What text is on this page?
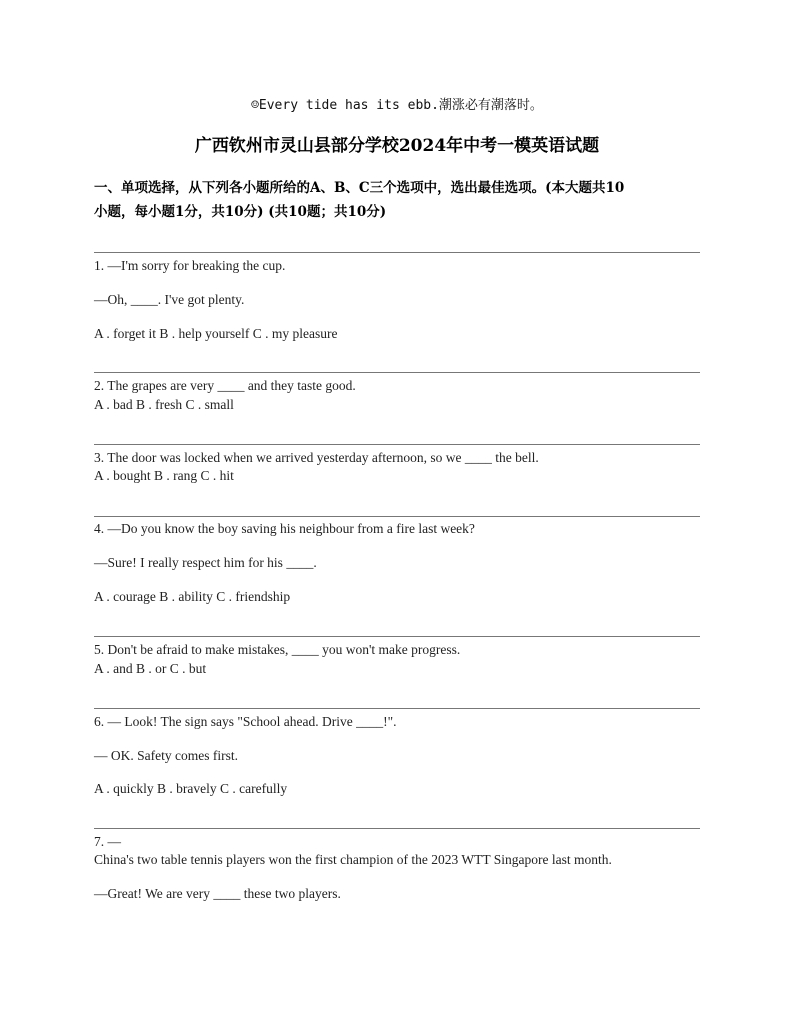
☺Every tide has its ebb.潮涨必有潮落时。
广西钦州市灵山县部分学校2024年中考一模英语试题
一、单项选择，从下列各小题所给的A、B、C三个选项中，选出最佳选项。(本大题共10
小题，每小题1分，共10分) (共10题；共10分)
1. —I'm sorry for breaking the cup.
—Oh, ____. I've got plenty.
A . forget it B . help yourself C . my pleasure
2. The grapes are very ____ and they taste good.
A . bad B . fresh C . small
3. The door was locked when we arrived yesterday afternoon, so we ____ the bell.
A . bought B . rang C . hit
4. —Do you know the boy saving his neighbour from a fire last week?
—Sure! I really respect him for his ____.
A . courage B . ability C . friendship
5. Don't be afraid to make mistakes, ____ you won't make progress.
A . and B . or C . but
6. — Look! The sign says "School ahead. Drive ____!".
— OK. Safety comes first.
A . quickly B . bravely C . carefully
7. —
China's two table tennis players won the first champion of the 2023 WTT Singapore last month.
—Great! We are very ____ these two players.
